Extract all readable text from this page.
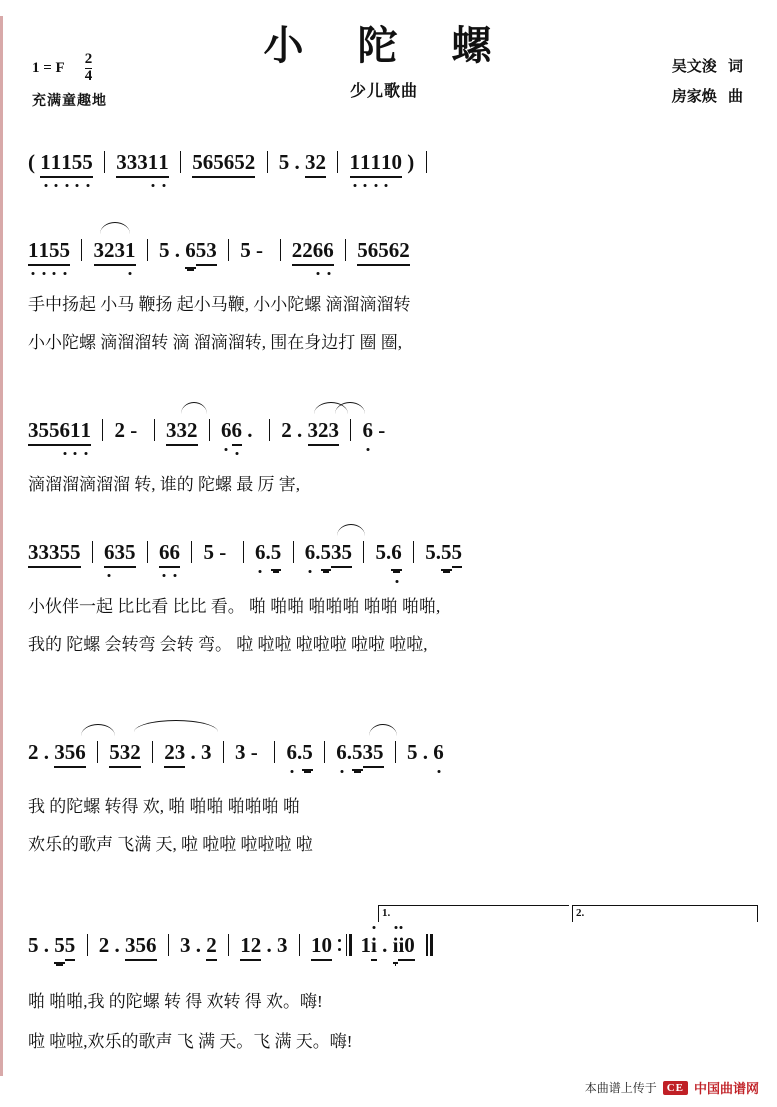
小 陀 螺
1 = F $\frac{2}{4}$
充满童趣地
少儿歌曲
吴文浚   词
房家焕   曲
( 11155 33311 565652 5 . 32 11110 )
1155 3
231 5 . 653 5 -   2266 56562
手中扬起 小马 鞭扬 起小马鞭, 小小陀螺 滴溜滴溜转
小小陀螺 滴溜溜转 滴 溜滴溜转, 围在身边打 圈 圈,
355611 2 -   33
2 66 .   2 . 3
23 6 -
滴溜溜滴溜溜 转, 谁的 陀螺 最 厉 害,
33355 635 66 5 -   6.5 6.53
5 5.6 5.55
小伙伴一起 比比看 比比 看。 啪 啪啪 啪啪啪 啪啪 啪啪,
我的 陀螺 会转弯 会转 弯。 啦 啦啦 啦啦啦 啦啦 啦啦,
2 . 356 532 23 . 3 3 -   6.5 6.53
5 5 . 6
我 的陀螺 转得 欢, 啪 啪啪 啪啪啪 啪
欢乐的歌声 飞满 天, 啦 啦啦 啦啦啦 啦
1.	2.
5 . 55 2 . 356 3 . 2 12 . 3 10 1i . ii0
啪 啪啪,我 的陀螺 转 得 欢转 得 欢。嗨!
啦 啦啦,欢乐的歌声 飞 满 天。飞 满 天。嗨!
本曲谱上传于 CE 中国曲谱网
